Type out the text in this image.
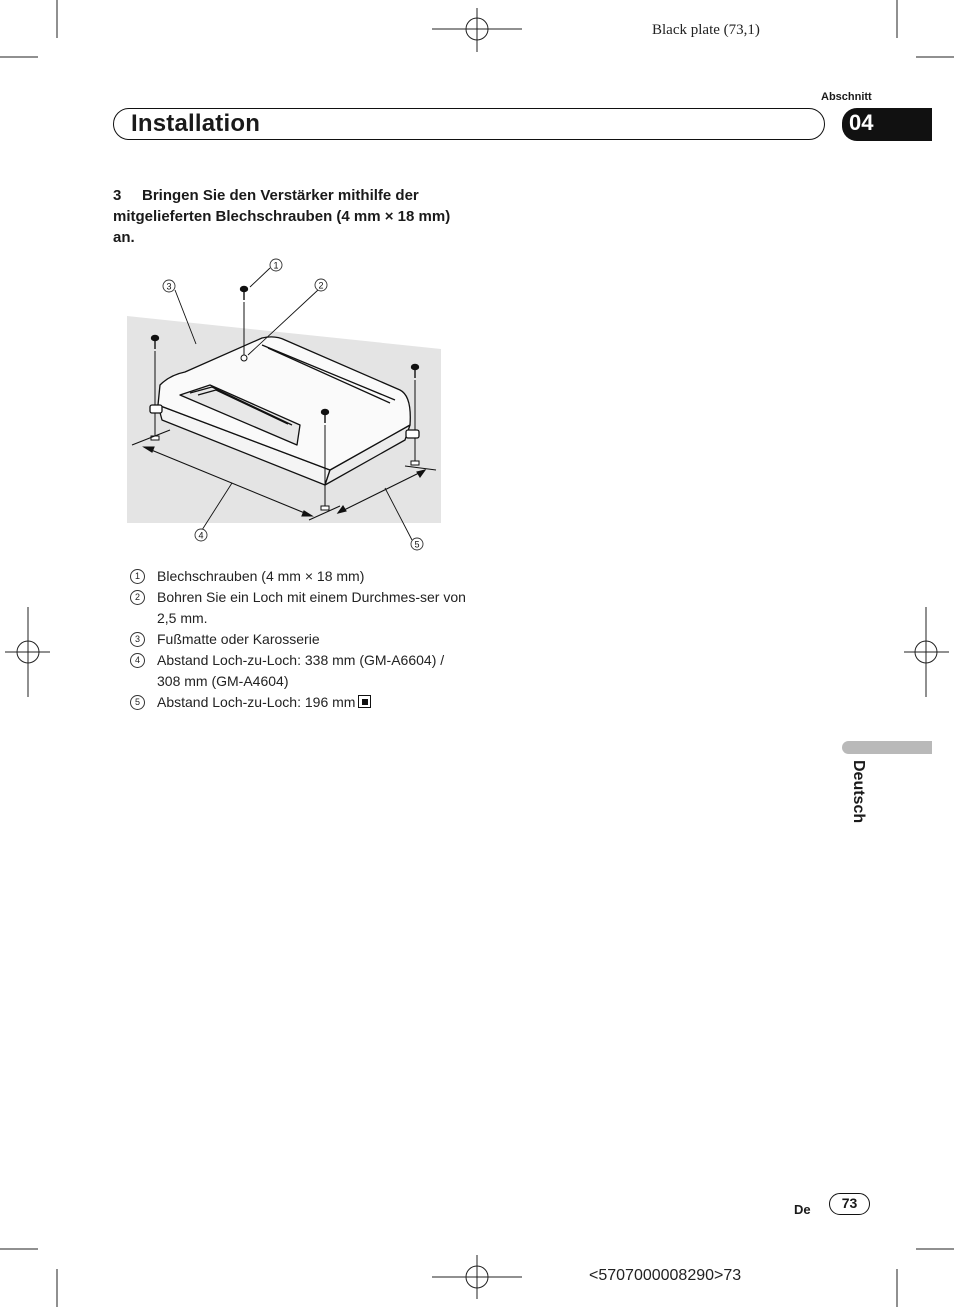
Black plate (73,1)
Abschnitt
Installation	04
3 Bringen Sie den Verstärker mithilfe der mitgelieferten Blechschrauben (4 mm × 18 mm) an.
1
2
3
4
5
1	Blechschrauben (4 mm × 18 mm)
2	Bohren Sie ein Loch mit einem Durchmes-ser von 2,5 mm.
3	Fußmatte oder Karosserie
4	Abstand Loch-zu-Loch: 338 mm (GM-A6604) / 308 mm (GM-A4604)
5	Abstand Loch-zu-Loch: 196 mm
Deutsch
De	73
<5707000008290>73
